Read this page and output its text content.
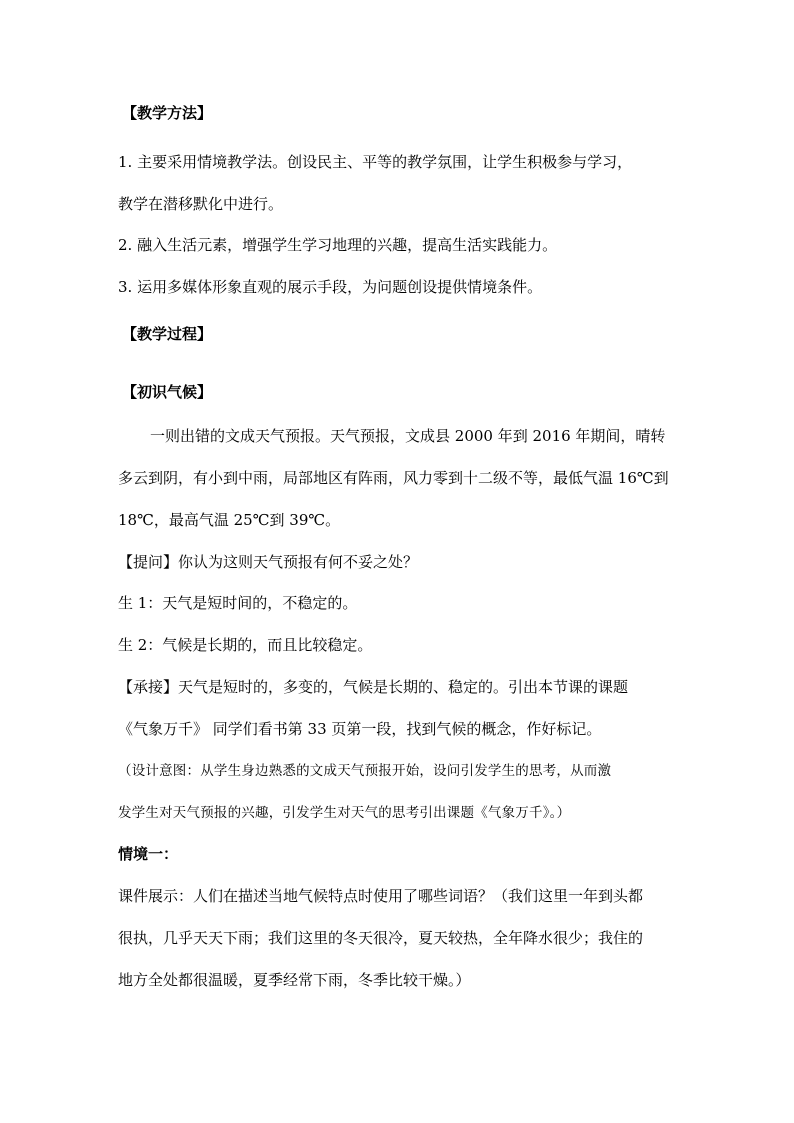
【教学方法】
1. 主要采用情境教学法。创设民主、平等的教学氛围，让学生积极参与学习，
教学在潜移默化中进行。
2. 融入生活元素，增强学生学习地理的兴趣，提高生活实践能力。
3. 运用多媒体形象直观的展示手段，为问题创设提供情境条件。
【教学过程】
【初识气候】
一则出错的文成天气预报。天气预报，文成县 2000 年到 2016 年期间，晴转
多云到阴，有小到中雨，局部地区有阵雨，风力零到十二级不等，最低气温 16℃到
18℃，最高气温 25℃到 39℃。
【提问】你认为这则天气预报有何不妥之处？
生 1：天气是短时间的，不稳定的。
生 2：气候是长期的，而且比较稳定。
【承接】天气是短时的，多变的，气候是长期的、稳定的。引出本节课的课题
《气象万千》 同学们看书第 33 页第一段，找到气候的概念，作好标记。
（设计意图：从学生身边熟悉的文成天气预报开始，设问引发学生的思考，从而激
发学生对天气预报的兴趣，引发学生对天气的思考引出课题《气象万千》。）
情境一：
课件展示：人们在描述当地气候特点时使用了哪些词语？（我们这里一年到头都
很执，几乎天天下雨；我们这里的冬天很冷，夏天较热，全年降水很少；我住的
地方全处都很温暖，夏季经常下雨，冬季比较干燥。）
